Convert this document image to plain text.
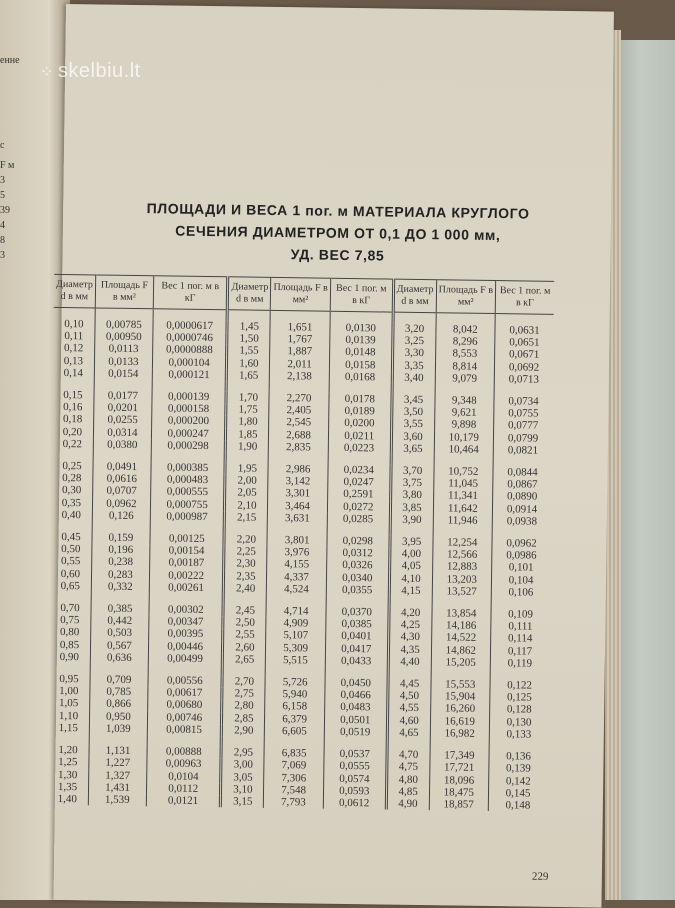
енне
с
F м
3
5
39
4
8
3
ПЛОЩАДИ И ВЕСА 1 пог. м МАТЕРИАЛА КРУГЛОГО
СЕЧЕНИЯ ДИАМЕТРОМ ОТ 0,1 ДО 1 000 мм,
УД. ВЕС 7,85
Диаметр d в мм	Площадь F в мм²	Вес 1 пог. м в кГ	Диаметр d в мм	Площадь F в мм²	Вес 1 пог. м в кГ	Диаметр d в мм	Площадь F в мм²	Вес 1 пог. м в кГ

0,10	0,00785	0,0000617	1,45	1,651	0,0130	3,20	8,042	0,0631
0,11	0,00950	0,0000746	1,50	1,767	0,0139	3,25	8,296	0,0651
0,12	0,0113	0,0000888	1,55	1,887	0,0148	3,30	8,553	0,0671
0,13	0,0133	0,000104	1,60	2,011	0,0158	3,35	8,814	0,0692
0,14	0,0154	0,000121	1,65	2,138	0,0168	3,40	9,079	0,0713

0,15	0,0177	0,000139	1,70	2,270	0,0178	3,45	9,348	0,0734
0,16	0,0201	0,000158	1,75	2,405	0,0189	3,50	9,621	0,0755
0,18	0,0255	0,000200	1,80	2,545	0,0200	3,55	9,898	0,0777
0,20	0,0314	0,000247	1,85	2,688	0,0211	3,60	10,179	0,0799
0,22	0,0380	0,000298	1,90	2,835	0,0223	3,65	10,464	0,0821

0,25	0,0491	0,000385	1,95	2,986	0,0234	3,70	10,752	0,0844
0,28	0,0616	0,000483	2,00	3,142	0,0247	3,75	11,045	0,0867
0,30	0,0707	0,000555	2,05	3,301	0,2591	3,80	11,341	0,0890
0,35	0,0962	0,000755	2,10	3,464	0,0272	3,85	11,642	0,0914
0,40	0,126	0,000987	2,15	3,631	0,0285	3,90	11,946	0,0938

0,45	0,159	0,00125	2,20	3,801	0,0298	3,95	12,254	0,0962
0,50	0,196	0,00154	2,25	3,976	0,0312	4,00	12,566	0,0986
0,55	0,238	0,00187	2,30	4,155	0,0326	4,05	12,883	0,101
0,60	0,283	0,00222	2,35	4,337	0,0340	4,10	13,203	0,104
0,65	0,332	0,00261	2,40	4,524	0,0355	4,15	13,527	0,106

0,70	0,385	0,00302	2,45	4,714	0,0370	4,20	13,854	0,109
0,75	0,442	0,00347	2,50	4,909	0,0385	4,25	14,186	0,111
0,80	0,503	0,00395	2,55	5,107	0,0401	4,30	14,522	0,114
0,85	0,567	0,00446	2,60	5,309	0,0417	4,35	14,862	0,117
0,90	0,636	0,00499	2,65	5,515	0,0433	4,40	15,205	0,119

0,95	0,709	0,00556	2,70	5,726	0,0450	4,45	15,553	0,122
1,00	0,785	0,00617	2,75	5,940	0,0466	4,50	15,904	0,125
1,05	0,866	0,00680	2,80	6,158	0,0483	4,55	16,260	0,128
1,10	0,950	0,00746	2,85	6,379	0,0501	4,60	16,619	0,130
1,15	1,039	0,00815	2,90	6,605	0,0519	4,65	16,982	0,133

1,20	1,131	0,00888	2,95	6,835	0,0537	4,70	17,349	0,136
1,25	1,227	0,00963	3,00	7,069	0,0555	4,75	17,721	0,139
1,30	1,327	0,0104	3,05	7,306	0,0574	4,80	18,096	0,142
1,35	1,431	0,0112	3,10	7,548	0,0593	4,85	18,475	0,145
1,40	1,539	0,0121	3,15	7,793	0,0612	4,90	18,857	0,148
229
⁘ skelbiu.lt
